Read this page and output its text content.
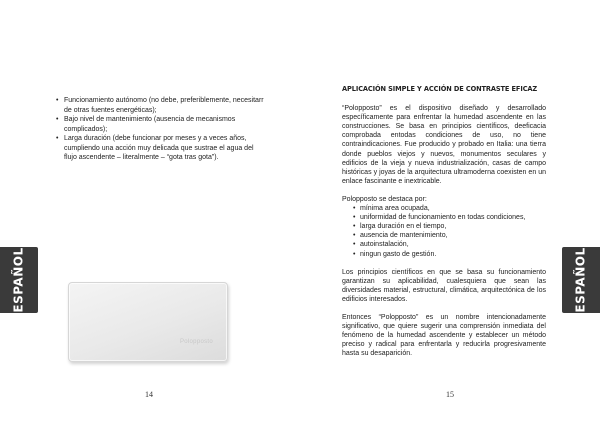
ESPAÑOL
• Funcionamiento autónomo (no debe, preferiblemente, necesitarr de otras fuentes energéticas);
• Bajo nivel de mantenimiento (ausencia de mecanismos complicados);
• Larga duración (debe funcionar por meses y a veces años, cumpliendo una acción muy delicada que sustrae el agua del flujo ascendente – literalmente – “gota tras gota”).
Polopposto
14
APLICACIÓN SIMPLE Y ACCIÓN DE CONTRASTE EFICAZ

“Polopposto” es el dispositivo diseñado y desarrollado específicamente para enfrentar la humedad ascendente en las construcciones. Se basa en principios científicos, deeficacia comprobada entodas condiciones de uso, no tiene contraindicaciones. Fue producido y probado en Italia: una tierra donde pueblos viejos y nuevos, monumentos seculares y edificios de la vieja y nueva industrialización, casas de campo históricas y joyas de la arquitectura ultramoderna coexisten en un enlace fascinante e inextricable.

Polopposto se destaca por:

• mínima area ocupada,
• uniformidad de funcionamiento en todas condiciones,
• larga duración en el tiempo,
• ausencia de mantenimiento,
• autoinstalación,
• ningun gasto de gestión.

Los principios científicos en que se basa su funcionamiento garantizan su aplicabilidad, cualesquiera que sean las diversidades material, estructural, climática, arquitectónica de los edificios interesados.

Entonces “Polopposto” es un nombre intencionadamente significativo, que quiere sugerir una comprensión inmediata del fenómeno de la humedad ascendente y establecer un método preciso y radical para enfrentarla y reducirla progresivamente hasta su desaparición.

15
ESPAÑOL
